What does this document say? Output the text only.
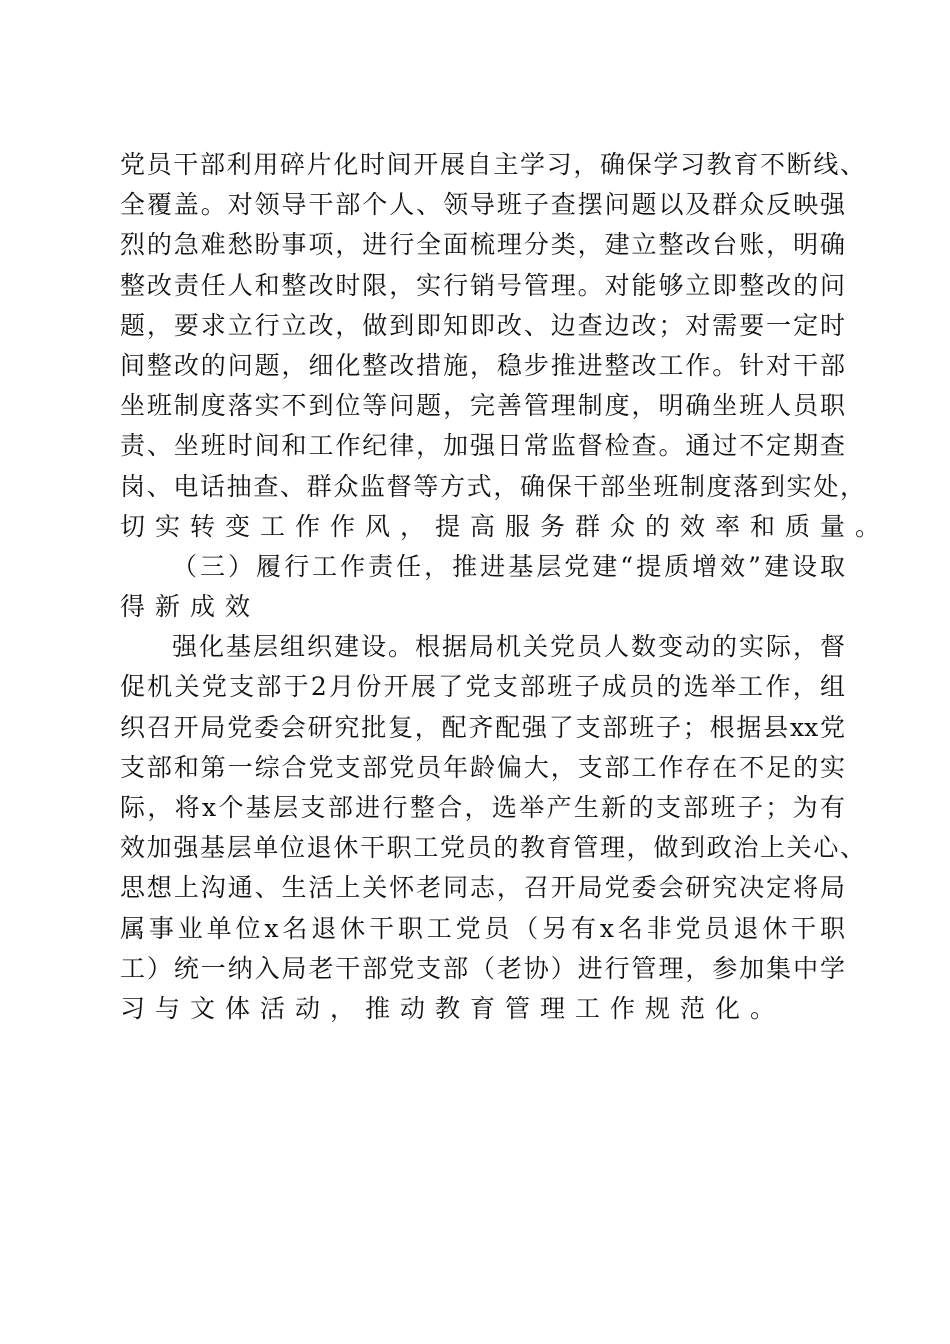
党员干部利用碎片化时间开展自主学习，确保学习教育不断线、
全覆盖。对领导干部个人、领导班子查摆问题以及群众反映强
烈的急难愁盼事项，进行全面梳理分类，建立整改台账，明确
整改责任人和整改时限，实行销号管理。对能够立即整改的问
题，要求立行立改，做到即知即改、边查边改；对需要一定时
间整改的问题，细化整改措施，稳步推进整改工作。针对干部
坐班制度落实不到位等问题，完善管理制度，明确坐班人员职
责、坐班时间和工作纪律，加强日常监督检查。通过不定期查
岗、电话抽查、群众监督等方式，确保干部坐班制度落到实处，
切实转变工作作风，提高服务群众的效率和质量。
（三）履行工作责任，推进基层党建“提质增效”建设取
得新成效
强化基层组织建设。根据局机关党员人数变动的实际，督
促机关党支部于2月份开展了党支部班子成员的选举工作，组
织召开局党委会研究批复，配齐配强了支部班子；根据县xx党
支部和第一综合党支部党员年龄偏大，支部工作存在不足的实
际，将x个基层支部进行整合，选举产生新的支部班子；为有
效加强基层单位退休干职工党员的教育管理，做到政治上关心、
思想上沟通、生活上关怀老同志，召开局党委会研究决定将局
属事业单位x名退休干职工党员（另有x名非党员退休干职
工）统一纳入局老干部党支部（老协）进行管理，参加集中学
习与文体活动，推动教育管理工作规范化。
